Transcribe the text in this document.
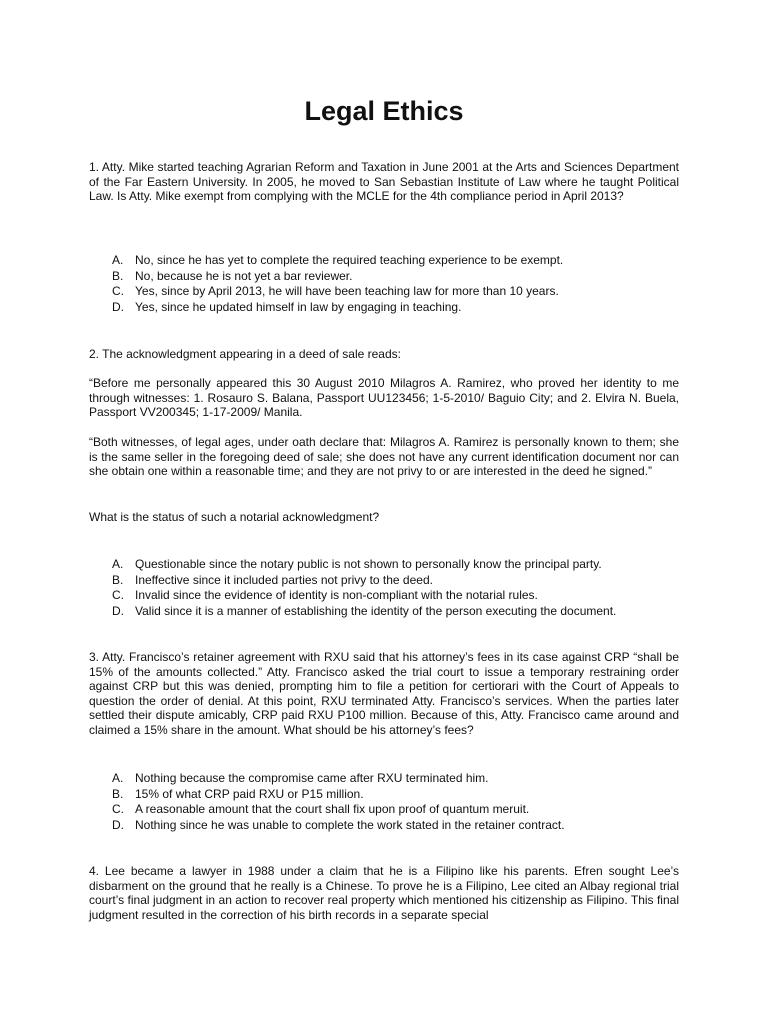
Legal Ethics

1. Atty. Mike started teaching Agrarian Reform and Taxation in June 2001 at the Arts and Sciences Department of the Far Eastern University. In 2005, he moved to San Sebastian Institute of Law where he taught Political Law. Is Atty. Mike exempt from complying with the MCLE for the 4th compliance period in April 2013?

A. No, since he has yet to complete the required teaching experience to be exempt.
B. No, because he is not yet a bar reviewer.
C. Yes, since by April 2013, he will have been teaching law for more than 10 years.
D. Yes, since he updated himself in law by engaging in teaching.

2. The acknowledgment appearing in a deed of sale reads:

“Before me personally appeared this 30 August 2010 Milagros A. Ramirez, who proved her identity to me through witnesses: 1. Rosauro S. Balana, Passport UU123456; 1-5-2010/ Baguio City; and 2. Elvira N. Buela, Passport VV200345; 1-17-2009/ Manila.

“Both witnesses, of legal ages, under oath declare that: Milagros A. Ramirez is personally known to them; she is the same seller in the foregoing deed of sale; she does not have any current identification document nor can she obtain one within a reasonable time; and they are not privy to or are interested in the deed he signed.”

What is the status of such a notarial acknowledgment?

A. Questionable since the notary public is not shown to personally know the principal party.
B. Ineffective since it included parties not privy to the deed.
C. Invalid since the evidence of identity is non-compliant with the notarial rules.
D. Valid since it is a manner of establishing the identity of the person executing the document.

3. Atty. Francisco’s retainer agreement with RXU said that his attorney’s fees in its case against CRP “shall be 15% of the amounts collected.” Atty. Francisco asked the trial court to issue a temporary restraining order against CRP but this was denied, prompting him to file a petition for certiorari with the Court of Appeals to question the order of denial. At this point, RXU terminated Atty. Francisco’s services. When the parties later settled their dispute amicably, CRP paid RXU P100 million. Because of this, Atty. Francisco came around and claimed a 15% share in the amount. What should be his attorney’s fees?

A. Nothing because the compromise came after RXU terminated him.
B. 15% of what CRP paid RXU or P15 million.
C. A reasonable amount that the court shall fix upon proof of quantum meruit.
D. Nothing since he was unable to complete the work stated in the retainer contract.

4. Lee became a lawyer in 1988 under a claim that he is a Filipino like his parents. Efren sought Lee’s disbarment on the ground that he really is a Chinese. To prove he is a Filipino, Lee cited an Albay regional trial court’s final judgment in an action to recover real property which mentioned his citizenship as Filipino. This final judgment resulted in the correction of his birth records in a separate special
